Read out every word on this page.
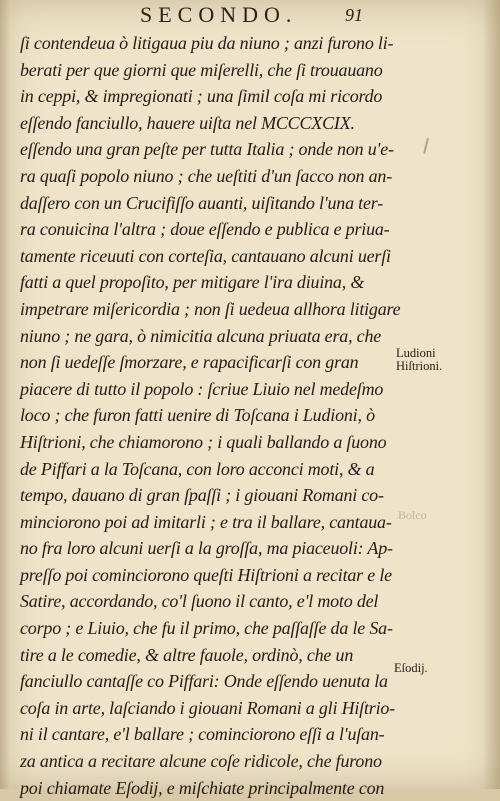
SECONDO.	91
ſi contendeua ò litigaua piu da niuno ; anzi furono li-
berati per que giorni que miſerelli, che ſi trouauano
in ceppi, & impregionati ; una ſimil coſa mi ricordo
eſſendo fanciullo, hauere uiſta nel MCCCXCIX.
eſſendo una gran peſte per tutta Italia ; onde non u'e-
ra quaſi popolo niuno ; che ueſtiti d'un ſacco non an-
daſſero con un Crucifiſſo auanti, uiſitando l'una ter-
ra conuicina l'altra ; doue eſſendo e publica e priua-
tamente riceuuti con corteſia, cantauano alcuni uerſi
fatti a quel propoſito, per mitigare l'ira diuina, &
impetrare miſericordia ; non ſi uedeua allhora litigare
niuno ; ne gara, ò nimicitia alcuna priuata era, che
non ſi uedeſſe ſmorzare, e rapacificarſi con gran
piacere di tutto il popolo : ſcriue Liuio nel medeſmo
loco ; che furon fatti uenire di Toſcana i Ludioni, ò
Hiſtrioni, che chiamorono ; i quali ballando a ſuono
de Piffari a la Toſcana, con loro acconci moti, & a
tempo, dauano di gran ſpaſſi ; i giouani Romani co-
minciorono poi ad imitarli ; e tra il ballare, cantaua-
no fra loro alcuni uerſi a la groſſa, ma piaceuoli: Ap-
preſſo poi cominciorono queſti Hiſtrioni a recitar e le
Satire, accordando, co'l ſuono il canto, e'l moto del
corpo ; e Liuio, che fu il primo, che paſſaſſe da le Sa-
tire a le comedie, & altre fauole, ordinò, che un
fanciullo cantaſſe co Piffari: Onde eſſendo uenuta la
coſa in arte, laſciando i giouani Romani a gli Hiſtrio-
ni il cantare, e'l ballare ; cominciorono eſſi a l'uſan-
za antica a recitare alcune coſe ridicole, che furono
poi chiamate Eſodij, e miſchiate principalmente con
Ludioni
Hiſtrioni.
Eſodij.
Bolco
